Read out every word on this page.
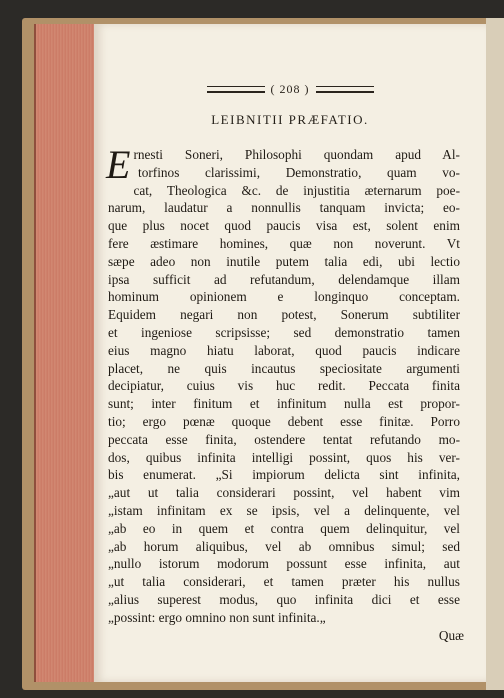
( 208 )
LEIBNITII PRÆFATIO.
E rnesti Soneri, Philosophi quondam apud Al-
torfinos clarissimi, Demonstratio, quam vo-
cat, Theologica &c. de injustitia æternarum poe-
narum, laudatur a nonnullis tanquam invicta; eo-
que plus nocet quod paucis visa est, solent enim
fere æstimare homines, quæ non noverunt. Vt
sæpe adeo non inutile putem talia edi, ubi lectio
ipsa sufficit ad refutandum, delendamque illam
hominum opinionem e longinquo conceptam.
Equidem negari non potest, Sonerum subtiliter
et ingeniose scripsisse; sed demonstratio tamen
eius magno hiatu laborat, quod paucis indicare
placet, ne quis incautus speciositate argumenti
decipiatur, cuius vis huc redit. Peccata finita
sunt; inter finitum et infinitum nulla est propor-
tio; ergo pœnæ quoque debent esse finitæ. Porro
peccata esse finita, ostendere tentat refutando mo-
dos, quibus infinita intelligi possint, quos his ver-
bis enumerat. „Si impiorum delicta sint infinita,
„aut ut talia considerari possint, vel habent vim
„istam infinitam ex se ipsis, vel a delinquente, vel
„ab eo in quem et contra quem delinquitur, vel
„ab horum aliquibus, vel ab omnibus simul; sed
„nullo istorum modorum possunt esse infinita, aut
„ut talia considerari, et tamen præter his nullus
„alius superest modus, quo infinita dici et esse
„possint: ergo omnino non sunt infinita.„
Quæ
